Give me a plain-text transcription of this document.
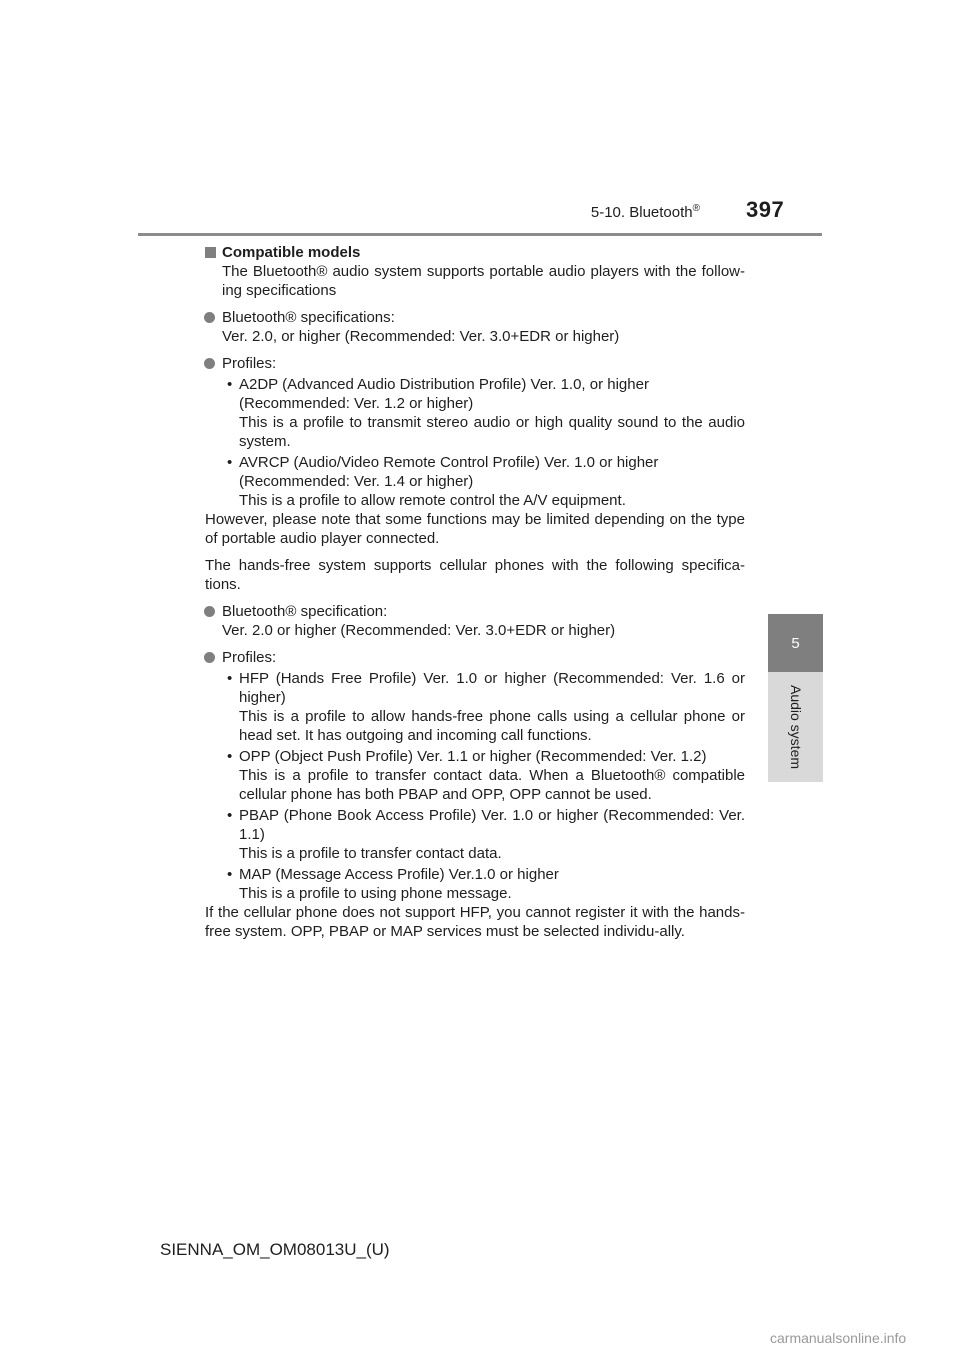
5-10. Bluetooth® 397
5
Audio system
Compatible models

The Bluetooth® audio system supports portable audio players with the follow-ing specifications

Bluetooth® specifications:
Ver. 2.0, or higher (Recommended: Ver. 3.0+EDR or higher)
Profiles:
• A2DP (Advanced Audio Distribution Profile) Ver. 1.0, or higher

(Recommended: Ver. 1.2 or higher)

This is a profile to transmit stereo audio or high quality sound to the audio system.

• AVRCP (Audio/Video Remote Control Profile) Ver. 1.0 or higher

(Recommended: Ver. 1.4 or higher)

This is a profile to allow remote control the A/V equipment.

However, please note that some functions may be limited depending on the type of portable audio player connected.

The hands-free system supports cellular phones with the following specifica-tions.

Bluetooth® specification:
Ver. 2.0 or higher (Recommended: Ver. 3.0+EDR or higher)
Profiles:
• HFP (Hands Free Profile) Ver. 1.0 or higher (Recommended: Ver. 1.6 or higher)

This is a profile to allow hands-free phone calls using a cellular phone or head set. It has outgoing and incoming call functions.

• OPP (Object Push Profile) Ver. 1.1 or higher (Recommended: Ver. 1.2)

This is a profile to transfer contact data. When a Bluetooth® compatible cellular phone has both PBAP and OPP, OPP cannot be used.

• PBAP (Phone Book Access Profile) Ver. 1.0 or higher (Recommended: Ver. 1.1)

This is a profile to transfer contact data.

• MAP (Message Access Profile) Ver.1.0 or higher

This is a profile to using phone message.

If the cellular phone does not support HFP, you cannot register it with the hands-free system. OPP, PBAP or MAP services must be selected individu-ally.

SIENNA_OM_OM08013U_(U)
carmanualsonline.info
